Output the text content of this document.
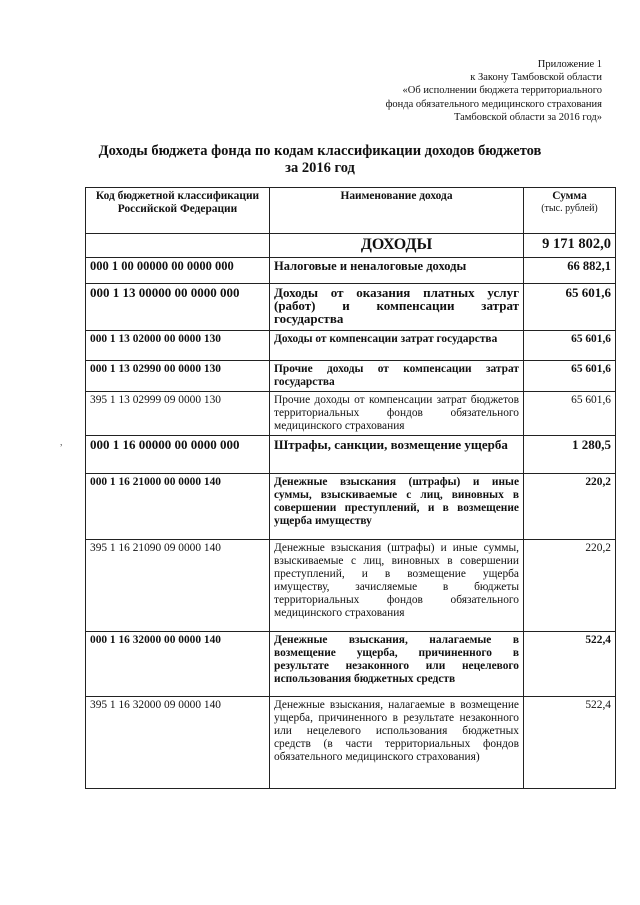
Приложение 1
к Закону Тамбовской области
«Об исполнении бюджета территориального
фонда обязательного медицинского страхования
Тамбовской области за 2016 год»
Доходы бюджета фонда по кодам классификации доходов бюджетов
за 2016 год
,
Код бюджетной классификации Российской Федерации	Наименование дохода	Сумма
(тыс. рублей)

	ДОХОДЫ	9 171 802,0
000 1 00 00000 00 0000 000	Налоговые и неналоговые доходы	66 882,1
000 1 13 00000 00 0000 000	Доходы от оказания платных услуг (работ) и компенсации затрат государства	65 601,6
000 1 13 02000 00 0000 130	Доходы от компенсации затрат государства	65 601,6
000 1 13 02990 00 0000 130	Прочие доходы от компенсации затрат государства	65 601,6
395 1 13 02999 09 0000 130	Прочие доходы от компенсации затрат бюджетов территориальных фондов обязательного медицинского страхования	65 601,6
000 1 16 00000 00 0000 000	Штрафы, санкции, возмещение ущерба	1 280,5
000 1 16 21000 00 0000 140	Денежные взыскания (штрафы) и иные суммы, взыскиваемые с лиц, виновных в совершении преступлений, и в возмещение ущерба имуществу	220,2
395 1 16 21090 09 0000 140	Денежные взыскания (штрафы) и иные суммы, взыскиваемые с лиц, виновных в совершении преступлений, и в возмещение ущерба имуществу, зачисляемые в бюджеты территориальных фондов обязательного медицинского страхования	220,2
000 1 16 32000 00 0000 140	Денежные взыскания, налагаемые в возмещение ущерба, причиненного в результате незаконного или нецелевого использования бюджетных средств	522,4
395 1 16 32000 09 0000 140	Денежные взыскания, налагаемые в возмещение ущерба, причиненного в результате незаконного или нецелевого использования бюджетных средств (в части территориальных фондов обязательного медицинского страхования)	522,4
